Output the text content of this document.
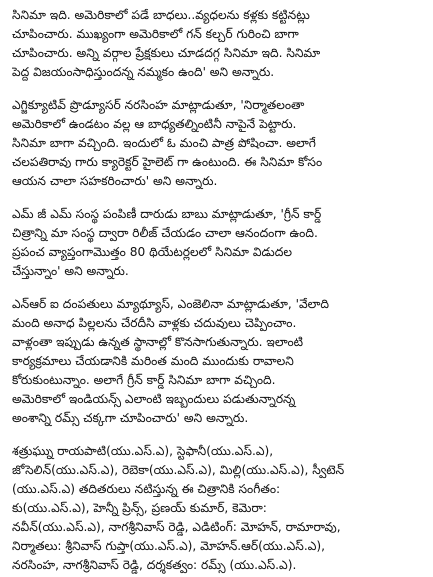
సినిమా ఇది. అమెరికాలో పడే బాధలు..వ్యధలను కళ్లకు కట్టినట్లు
చూపించారు. ముఖ్యంగా అమెరికాలో గన్ కల్చర్ గురించి బాగా
చూపించారు. అన్ని వర్గాల ప్రేక్షకులు చూడదగ్గ సినిమా ఇది. సినిమా
పెద్ద విజయంసాధిస్తుందన్న నమ్మకం ఉంది' అని అన్నారు.

ఎగ్జిక్యూటివ్ ప్రొడ్యూసర్ నరసింహ మాట్లాడుతూ, 'నిర్మాతలంతా
అమెరికాలో ఉండటం వల్ల ఆ బాధ్యతల్నింటినీ నాపైనే పెట్టారు.
సినిమా బాగా వచ్చింది. ఇందులో ఓ మంచి పాత్ర పోషించా. అలాగే
చలపతిరావు గారు క్యారెక్టర్ హైలెట్ గా ఉంటుంది. ఈ సినిమా కోసం
ఆయన చాలా సహకరించారు' అని అన్నారు.

ఎమ్ జీ ఎమ్ సంస్థ పంపిణీ దారుడు బాబు మాట్లాడుతూ, 'గ్రీన్ కార్డ్
చిత్రాన్ని మా సంస్థ ద్వారా రిలీజ్ చేయడం చాలా ఆనందంగా ఉంది.
ప్రపంచ వ్యాప్తంగామొత్తం 80 థియేటర్లలలో సినిమా విడుదల
చేస్తున్నాం' అని అన్నారు.

ఎన్ఆర్ ఐ దంపతులు మ్యాథ్యూస్, ఎంజెలినా మాట్లాడుతూ, 'వేలాది
మంది అనాధ పిల్లలను చేరదీసి వాళ్లకు చదువులు చెప్పించాం.
వాళ్లంతా ఇప్పుడు ఉన్నత స్థానాల్లో కొనసాగుతున్నారు. ఇలాంటి
కార్యక్రమాలు చేయడానికి మరింత మంది ముందుకు రావాలని
కోరుకుంటున్నాం. అలాగే గ్రీన్ కార్డ్ సినిమా బాగా వచ్చింది.
అమెరికాలో ఇండియన్స్ ఎలాంటి ఇబ్బందులు పడుతున్నారన్న
అంశాన్ని రమ్స్ చక్కగా చూపించారు' అని అన్నారు.

శత్రుఘ్ను రాయపాటి(యు.ఎస్.ఎ), స్టెఫానీ(యు.ఎస్.ఎ),
జోసెలిన్(యు.ఎస్.ఎ), రెబెకా(యు.ఎస్.ఎ), మిల్లి(యు.ఎస్.ఎ), స్వీటెన్
(యు.ఎస్.ఎ) తదితరులు నటిస్తున్న ఈ చిత్రానికి సంగీతం:
కు(యు.ఎస్.ఎ), హెన్నీ ప్రిన్స్, ప్రణయ్ కుమార్, కెమెరా:
నవీన్(యు.ఎస్.ఎ), నాగశ్రీనివాస్ రెడ్డి, ఎడిటింగ్: మోహన్, రామారావు,
నిర్మాతలు: శ్రీనివాస్ గుప్తా(యు.ఎస్.ఎ), మోహన్.ఆర్(యు.ఎస్.ఎ),
నరసింహ, నాగశ్రీనివాస్ రెడ్డి, దర్శకత్వం: రమ్స్ (యు.ఎస్.ఎ).
